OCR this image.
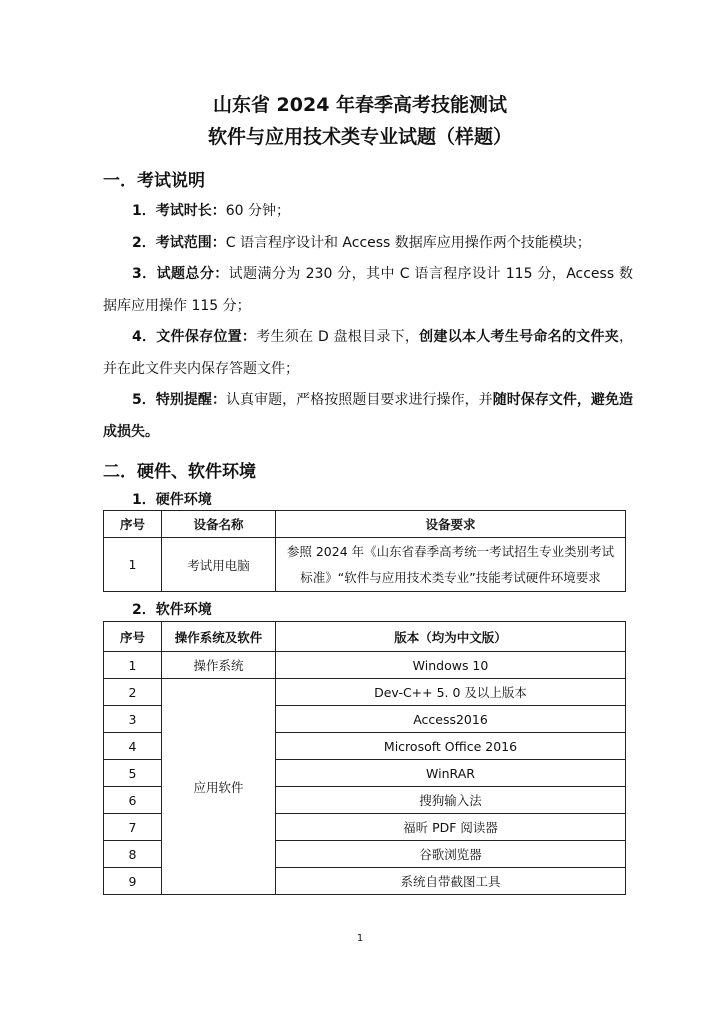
山东省 2024 年春季高考技能测试
软件与应用技术类专业试题（样题）
一．考试说明
1．考试时长：60 分钟；
2．考试范围：C 语言程序设计和 Access 数据库应用操作两个技能模块；
3．试题总分：试题满分为 230 分，其中 C 语言程序设计 115 分，Access 数据库应用操作 115 分；
4．文件保存位置：考生须在 D 盘根目录下，创建以本人考生号命名的文件夹，并在此文件夹内保存答题文件；
5．特别提醒：认真审题，严格按照题目要求进行操作，并随时保存文件，避免造成损失。
二．硬件、软件环境
1．硬件环境
序号	设备名称	设备要求
1	考试用电脑	参照 2024 年《山东省春季高考统一考试招生专业类别考试标准》“软件与应用技术类专业”技能考试硬件环境要求
2．软件环境
序号	操作系统及软件	版本（均为中文版）
1	操作系统	Windows 10
2	应用软件	Dev-C++ 5. 0 及以上版本
3		Access2016
4		Microsoft Office 2016
5		WinRAR
6		搜狗输入法
7		福昕 PDF 阅读器
8		谷歌浏览器
9		系统自带截图工具
1
